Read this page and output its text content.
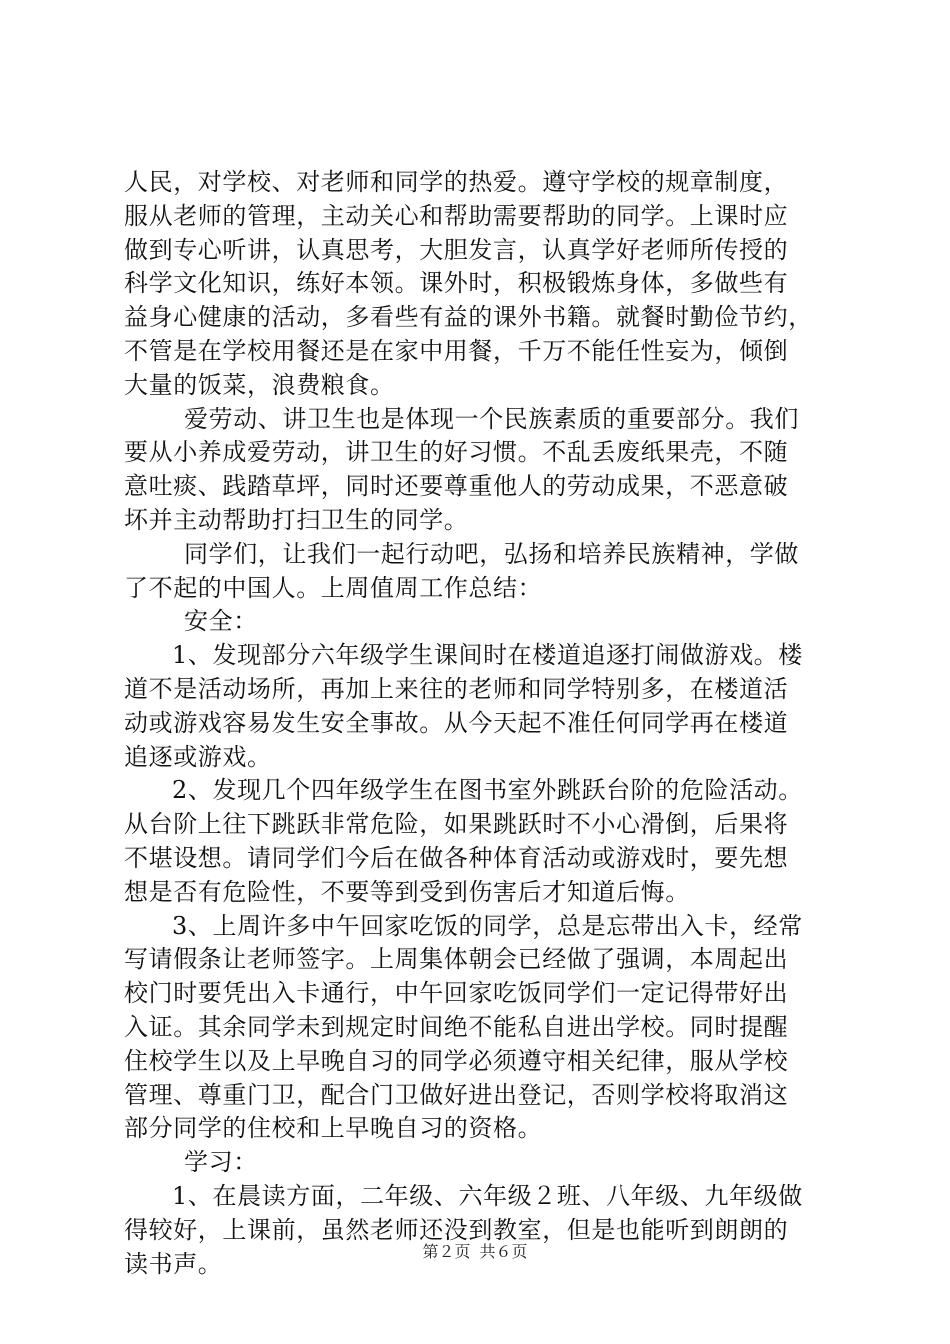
人民，对学校、对老师和同学的热爱。遵守学校的规章制度，
服从老师的管理，主动关心和帮助需要帮助的同学。上课时应
做到专心听讲，认真思考，大胆发言，认真学好老师所传授的
科学文化知识，练好本领。课外时，积极锻炼身体，多做些有
益身心健康的活动，多看些有益的课外书籍。就餐时勤俭节约，
不管是在学校用餐还是在家中用餐，千万不能任性妄为，倾倒
大量的饭菜，浪费粮食。
爱劳动、讲卫生也是体现一个民族素质的重要部分。我们
要从小养成爱劳动，讲卫生的好习惯。不乱丢废纸果壳，不随
意吐痰、践踏草坪，同时还要尊重他人的劳动成果，不恶意破
坏并主动帮助打扫卫生的同学。
同学们，让我们一起行动吧，弘扬和培养民族精神，学做
了不起的中国人。上周值周工作总结：
安全：
1、发现部分六年级学生课间时在楼道追逐打闹做游戏。楼
道不是活动场所，再加上来往的老师和同学特别多，在楼道活
动或游戏容易发生安全事故。从今天起不准任何同学再在楼道
追逐或游戏。
2、发现几个四年级学生在图书室外跳跃台阶的危险活动。
从台阶上往下跳跃非常危险，如果跳跃时不小心滑倒，后果将
不堪设想。请同学们今后在做各种体育活动或游戏时，要先想
想是否有危险性，不要等到受到伤害后才知道后悔。
3、上周许多中午回家吃饭的同学，总是忘带出入卡，经常
写请假条让老师签字。上周集体朝会已经做了强调，本周起出
校门时要凭出入卡通行，中午回家吃饭同学们一定记得带好出
入证。其余同学未到规定时间绝不能私自进出学校。同时提醒
住校学生以及上早晚自习的同学必须遵守相关纪律，服从学校
管理、尊重门卫，配合门卫做好进出登记，否则学校将取消这
部分同学的住校和上早晚自习的资格。
学习：
1、在晨读方面，二年级、六年级２班、八年级、九年级做
得较好，上课前，虽然老师还没到教室，但是也能听到朗朗的
读书声。	第２页 共６页
